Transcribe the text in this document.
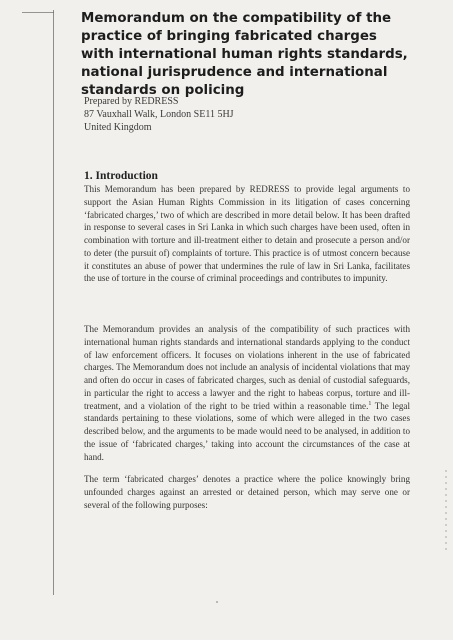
Memorandum on the compatibility of the practice of bringing fabricated charges with international human rights standards, national jurisprudence and international standards on policing
Prepared by REDRESS
87 Vauxhall Walk, London SE11 5HJ
United Kingdom
1. Introduction

This Memorandum has been prepared by REDRESS to provide legal arguments to support the Asian Human Rights Commission in its litigation of cases concerning ‘fabricated charges,’ two of which are described in more detail below. It has been drafted in response to several cases in Sri Lanka in which such charges have been used, often in combination with torture and ill-treatment either to detain and prosecute a person and/or to deter (the pursuit of) complaints of torture. This practice is of utmost concern because it constitutes an abuse of power that undermines the rule of law in Sri Lanka, facilitates the use of torture in the course of criminal proceedings and contributes to impunity.

The Memorandum provides an analysis of the compatibility of such practices with international human rights standards and international standards applying to the conduct of law enforcement officers. It focuses on violations inherent in the use of fabricated charges. The Memorandum does not include an analysis of incidental violations that may and often do occur in cases of fabricated charges, such as denial of custodial safeguards, in particular the right to access a lawyer and the right to habeas corpus, torture and ill-treatment, and a violation of the right to be tried within a reasonable time.$^1$ The legal standards pertaining to these violations, some of which were alleged in the two cases described below, and the arguments to be made would need to be analysed, in addition to the issue of ‘fabricated charges,’ taking into account the circumstances of the case at hand.

The term ‘fabricated charges’ denotes a practice where the police knowingly bring unfounded charges against an arrested or detained person, which may serve one or several of the following purposes:
